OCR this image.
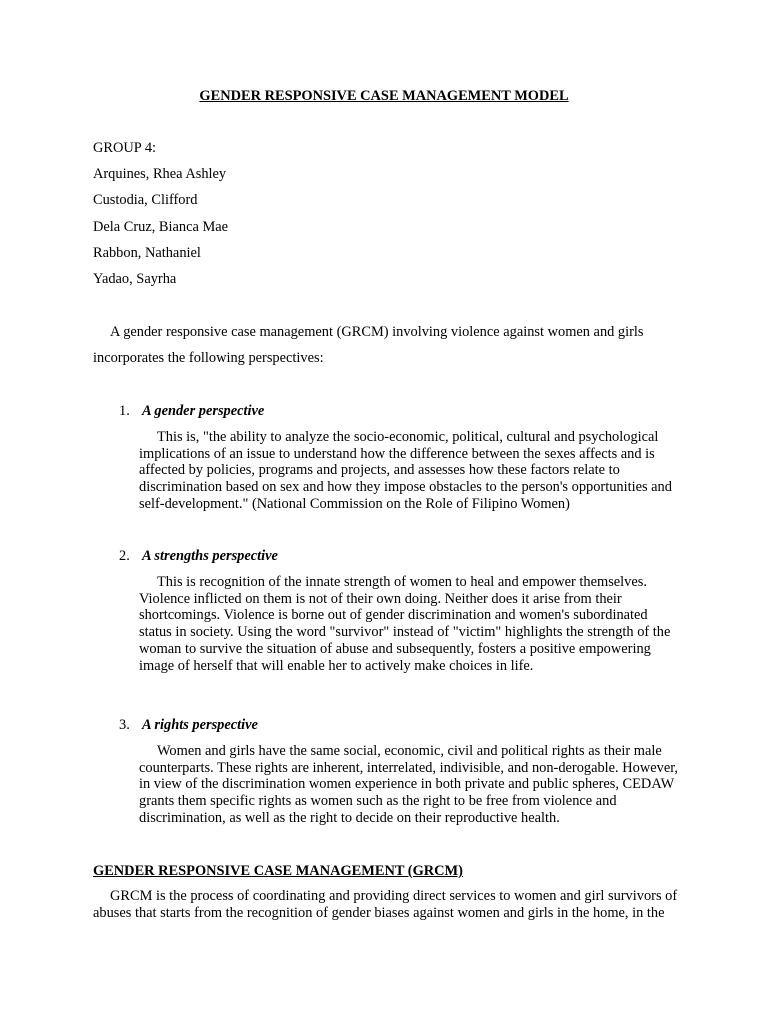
GENDER RESPONSIVE CASE MANAGEMENT MODEL
GROUP 4:
Arquines, Rhea Ashley
Custodia, Clifford
Dela Cruz, Bianca Mae
Rabbon, Nathaniel
Yadao, Sayrha
A gender responsive case management (GRCM) involving violence against women and girls incorporates the following perspectives:
1. A gender perspective
This is, "the ability to analyze the socio-economic, political, cultural and psychological implications of an issue to understand how the difference between the sexes affects and is affected by policies, programs and projects, and assesses how these factors relate to discrimination based on sex and how they impose obstacles to the person's opportunities and self-development." (National Commission on the Role of Filipino Women)
2. A strengths perspective
This is recognition of the innate strength of women to heal and empower themselves. Violence inflicted on them is not of their own doing. Neither does it arise from their shortcomings. Violence is borne out of gender discrimination and women's subordinated status in society. Using the word "survivor" instead of "victim" highlights the strength of the woman to survive the situation of abuse and subsequently, fosters a positive empowering image of herself that will enable her to actively make choices in life.
3. A rights perspective
Women and girls have the same social, economic, civil and political rights as their male counterparts. These rights are inherent, interrelated, indivisible, and non-derogable. However, in view of the discrimination women experience in both private and public spheres, CEDAW grants them specific rights as women such as the right to be free from violence and discrimination, as well as the right to decide on their reproductive health.
GENDER RESPONSIVE CASE MANAGEMENT (GRCM)
GRCM is the process of coordinating and providing direct services to women and girl survivors of abuses that starts from the recognition of gender biases against women and girls in the home, in the
